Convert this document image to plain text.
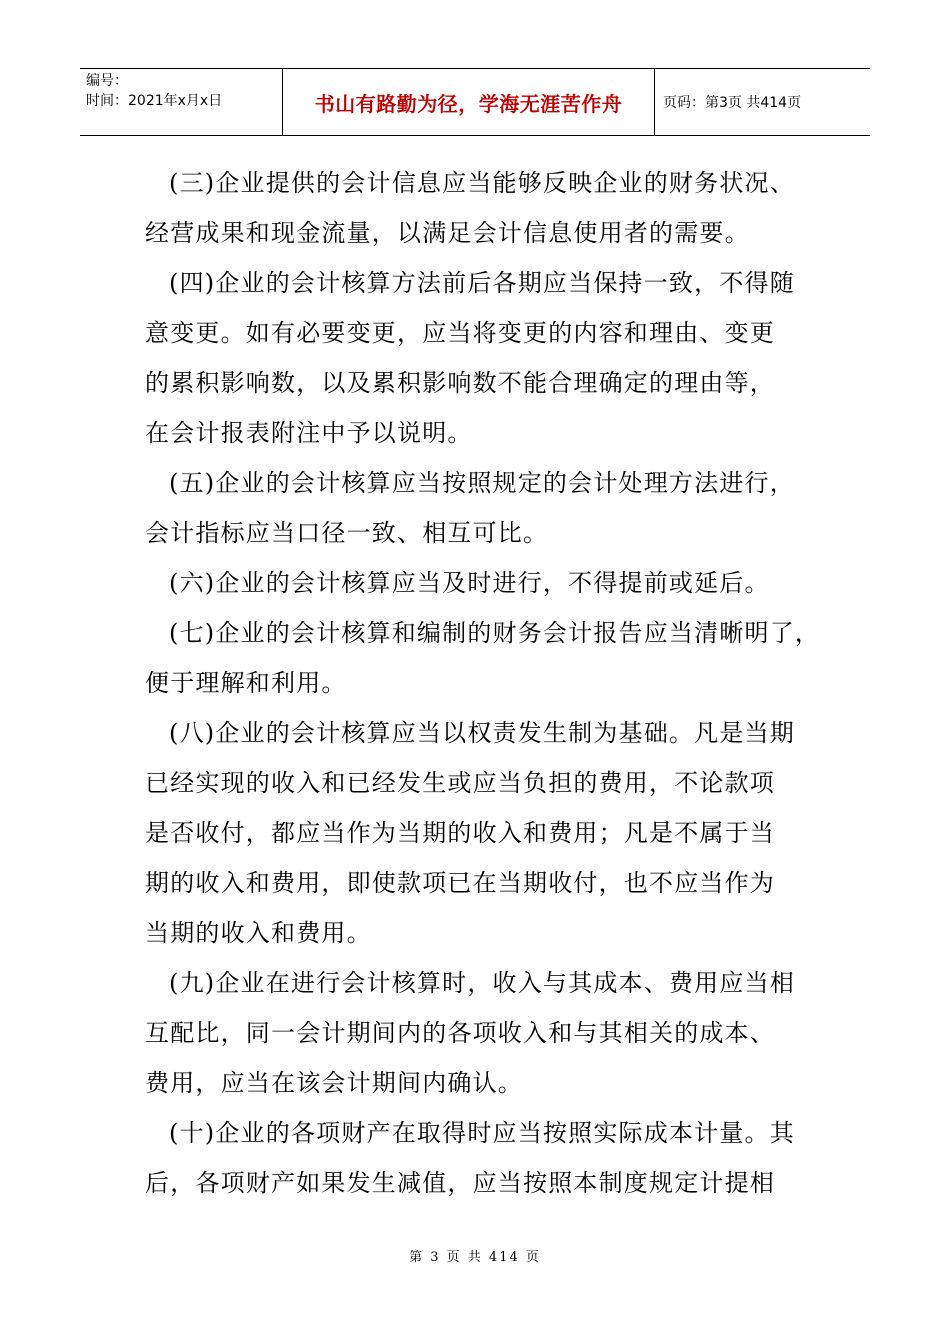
编号：
时间：2021年x月x日	书山有路勤为径，学海无涯苦作舟	页码：第3页 共414页

(三)企业提供的会计信息应当能够反映企业的财务状况、
经营成果和现金流量，以满足会计信息使用者的需要。

(四)企业的会计核算方法前后各期应当保持一致，不得随
意变更。如有必要变更，应当将变更的内容和理由、变更
的累积影响数，以及累积影响数不能合理确定的理由等，
在会计报表附注中予以说明。

(五)企业的会计核算应当按照规定的会计处理方法进行，
会计指标应当口径一致、相互可比。

(六)企业的会计核算应当及时进行，不得提前或延后。

(七)企业的会计核算和编制的财务会计报告应当清晰明了，
便于理解和利用。

(八)企业的会计核算应当以权责发生制为基础。凡是当期
已经实现的收入和已经发生或应当负担的费用，不论款项
是否收付，都应当作为当期的收入和费用；凡是不属于当
期的收入和费用，即使款项已在当期收付，也不应当作为
当期的收入和费用。

(九)企业在进行会计核算时，收入与其成本、费用应当相
互配比，同一会计期间内的各项收入和与其相关的成本、
费用，应当在该会计期间内确认。

(十)企业的各项财产在取得时应当按照实际成本计量。其
后，各项财产如果发生减值，应当按照本制度规定计提相

第 3 页 共 414 页
